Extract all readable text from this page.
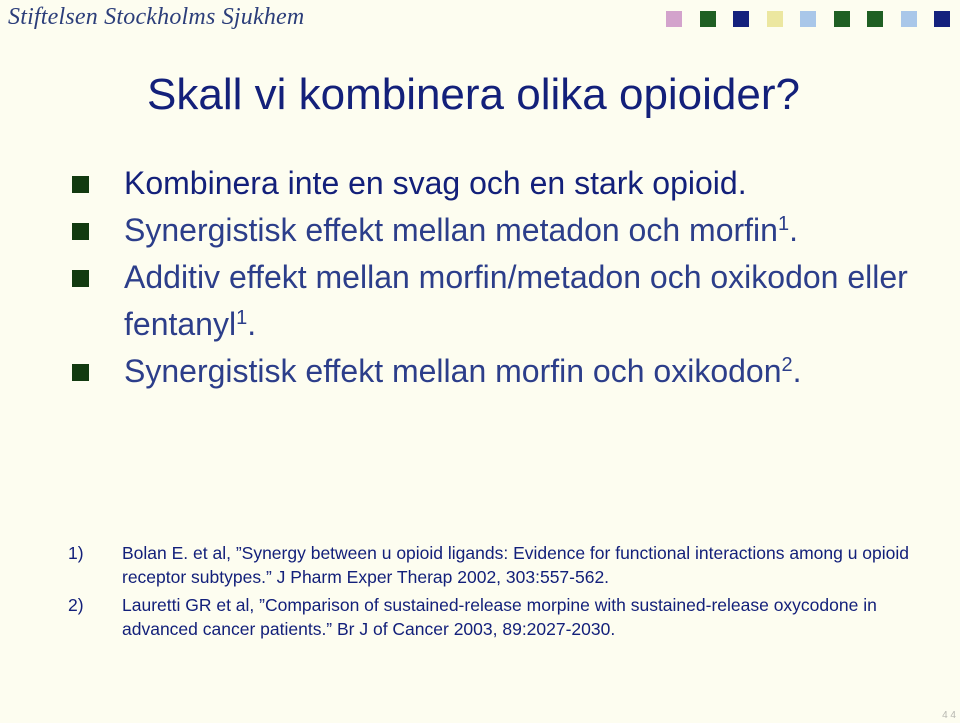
Stiftelsen Stockholms Sjukhem
Skall vi kombinera olika opioider?
Kombinera inte en svag och en stark opioid.
Synergistisk effekt mellan metadon och morfin$^1$.
Additiv effekt mellan morfin/metadon och oxikodon eller fentanyl$^1$.
Synergistisk effekt mellan morfin och oxikodon$^2$.
1) Bolan E. et al, ”Synergy between u opioid ligands: Evidence for functional interactions among u opioid receptor subtypes.” J Pharm Exper Therap 2002, 303:557-562.
2) Lauretti GR et al, ”Comparison of sustained-release morpine with sustained-release oxycodone in advanced cancer patients.” Br J of Cancer 2003, 89:2027-2030.
4 4
